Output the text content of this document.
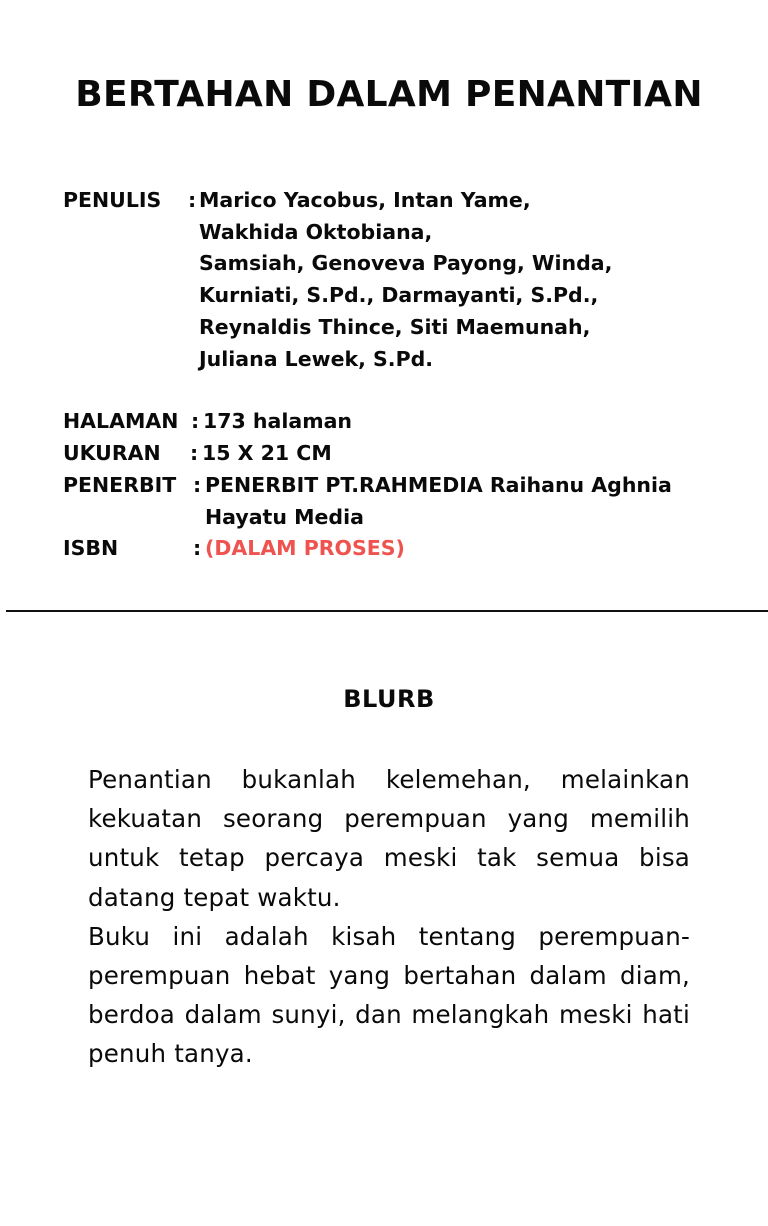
BERTAHAN DALAM PENANTIAN
PENULIS : Marico Yacobus, Intan Yame,
Wakhida Oktobiana,
Samsiah, Genoveva Payong, Winda,
Kurniati, S.Pd., Darmayanti, S.Pd.,
Reynaldis Thince, Siti Maemunah,
Juliana Lewek, S.Pd.
HALAMAN : 173 halaman
UKURAN : 15 X 21 CM
PENERBIT : PENERBIT PT.RAHMEDIA Raihanu Aghnia
Hayatu Media
ISBN	: (DALAM PROSES)
BLURB

Penantian bukanlah kelemehan, melainkan kekuatan seorang perempuan yang memilih untuk tetap percaya meski tak semua bisa datang tepat waktu.

Buku ini adalah kisah tentang perempuan-perempuan hebat yang bertahan dalam diam, berdoa dalam sunyi, dan melangkah meski hati penuh tanya.
